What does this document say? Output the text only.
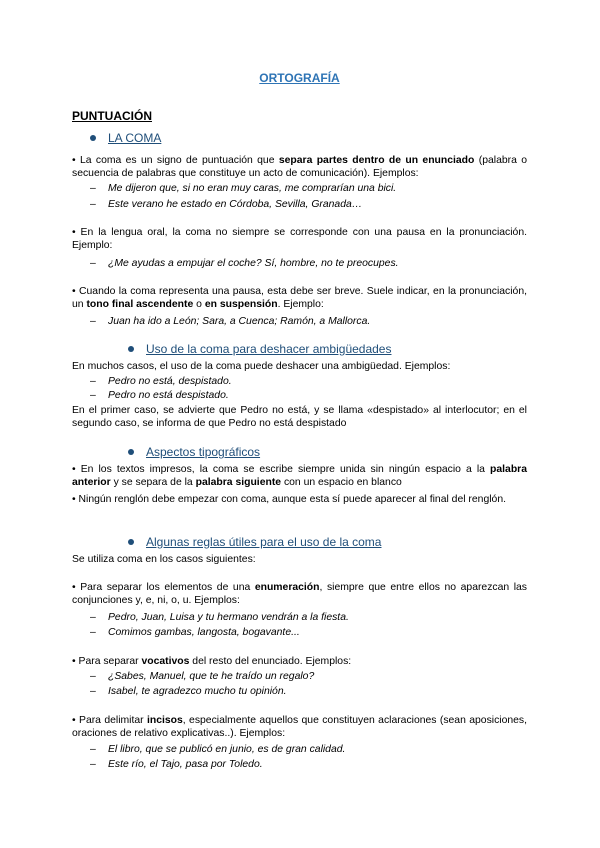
ORTOGRAFÍA
PUNTUACIÓN
LA COMA
• La coma es un signo de puntuación que separa partes dentro de un enunciado (palabra o secuencia de palabras que constituye un acto de comunicación). Ejemplos:
– Me dijeron que, si no eran muy caras, me comprarían una bici.
– Este verano he estado en Córdoba, Sevilla, Granada…
• En la lengua oral, la coma no siempre se corresponde con una pausa en la pronunciación. Ejemplo:
– ¿Me ayudas a empujar el coche? Sí, hombre, no te preocupes.
• Cuando la coma representa una pausa, esta debe ser breve. Suele indicar, en la pronunciación, un tono final ascendente o en suspensión. Ejemplo:
– Juan ha ido a León; Sara, a Cuenca; Ramón, a Mallorca.
Uso de la coma para deshacer ambigüedades
En muchos casos, el uso de la coma puede deshacer una ambigüedad. Ejemplos:
– Pedro no está, despistado.
– Pedro no está despistado.
En el primer caso, se advierte que Pedro no está, y se llama «despistado» al interlocutor; en el segundo caso, se informa de que Pedro no está despistado
Aspectos tipográficos
• En los textos impresos, la coma se escribe siempre unida sin ningún espacio a la palabra anterior y se separa de la palabra siguiente con un espacio en blanco
• Ningún renglón debe empezar con coma, aunque esta sí puede aparecer al final del renglón.
Algunas reglas útiles para el uso de la coma
Se utiliza coma en los casos siguientes:
• Para separar los elementos de una enumeración, siempre que entre ellos no aparezcan las conjunciones y, e, ni, o, u. Ejemplos:
– Pedro, Juan, Luisa y tu hermano vendrán a la fiesta.
– Comimos gambas, langosta, bogavante...
• Para separar vocativos del resto del enunciado. Ejemplos:
– ¿Sabes, Manuel, que te he traído un regalo?
– Isabel, te agradezco mucho tu opinión.
• Para delimitar incisos, especialmente aquellos que constituyen aclaraciones (sean aposiciones, oraciones de relativo explicativas..). Ejemplos:
– El libro, que se publicó en junio, es de gran calidad.
– Este río, el Tajo, pasa por Toledo.
